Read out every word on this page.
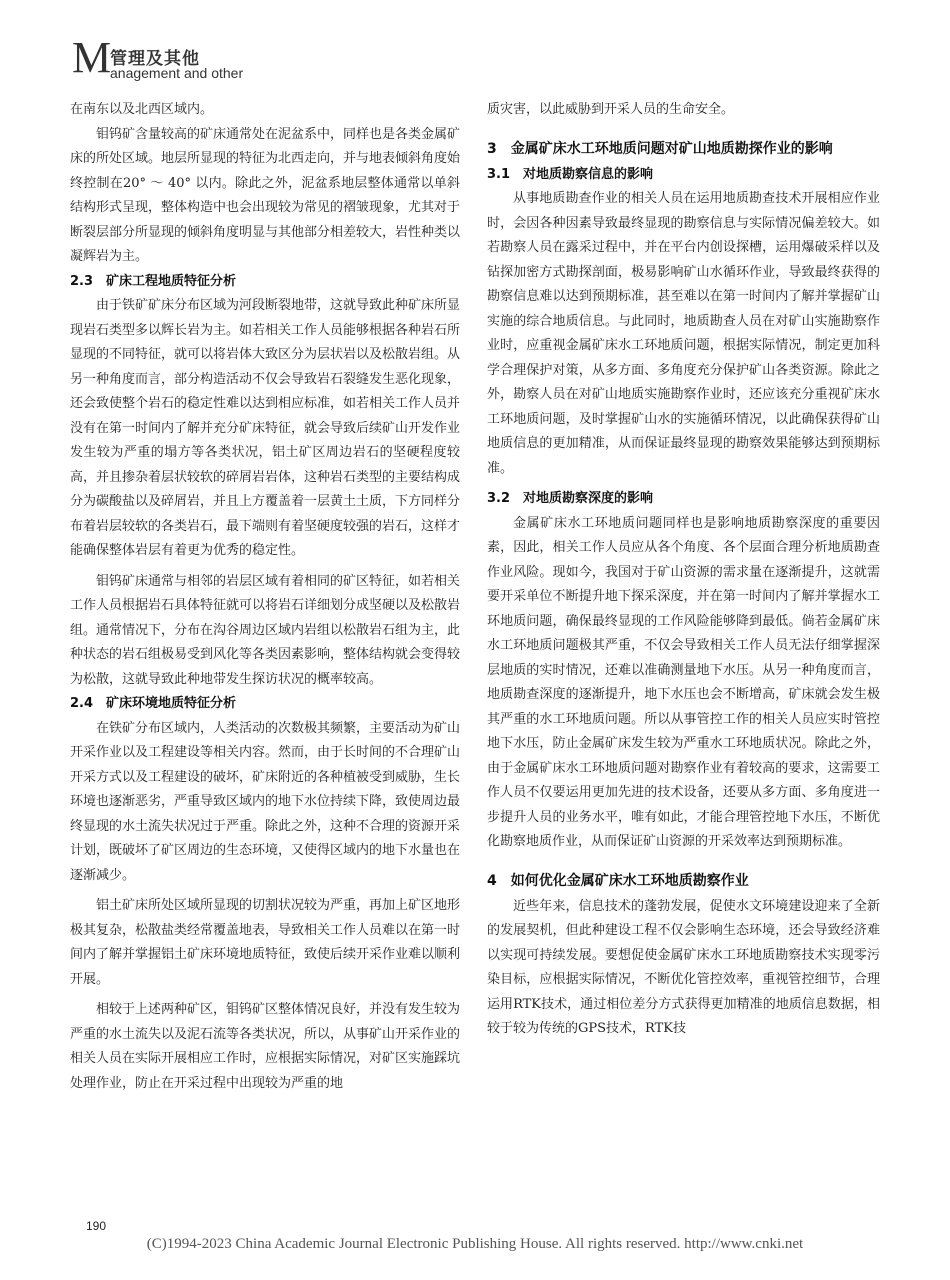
M
管理及其他
anagement and other

在南东以及北西区域内。

钼钨矿含量较高的矿床通常处在泥盆系中，同样也是各类金属矿床的所处区域。地层所显现的特征为北西走向，并与地表倾斜角度始终控制在20° ～ 40° 以内。除此之外，泥盆系地层整体通常以单斜结构形式呈现，整体构造中也会出现较为常见的褶皱现象，尤其对于断裂层部分所显现的倾斜角度明显与其他部分相差较大，岩性种类以凝辉岩为主。

2.3　矿床工程地质特征分析

由于铁矿矿床分布区域为河段断裂地带，这就导致此种矿床所显现岩石类型多以辉长岩为主。如若相关工作人员能够根据各种岩石所显现的不同特征，就可以将岩体大致区分为层状岩以及松散岩组。从另一种角度而言，部分构造活动不仅会导致岩石裂缝发生恶化现象，还会致使整个岩石的稳定性难以达到相应标准，如若相关工作人员并没有在第一时间内了解并充分矿床特征，就会导致后续矿山开发作业发生较为严重的塌方等各类状况，铝土矿区周边岩石的坚硬程度较高，并且掺杂着层状较软的碎屑岩岩体，这种岩石类型的主要结构成分为碳酸盐以及碎屑岩，并且上方覆盖着一层黄土土质，下方同样分布着岩层较软的各类岩石，最下端则有着坚硬度较强的岩石，这样才能确保整体岩层有着更为优秀的稳定性。

钼钨矿床通常与相邻的岩层区域有着相同的矿区特征，如若相关工作人员根据岩石具体特征就可以将岩石详细划分成坚硬以及松散岩组。通常情况下，分布在沟谷周边区域内岩组以松散岩石组为主，此种状态的岩石组极易受到风化等各类因素影响，整体结构就会变得较为松散，这就导致此种地带发生探访状况的概率较高。

2.4　矿床环境地质特征分析

在铁矿分布区域内，人类活动的次数极其频繁，主要活动为矿山开采作业以及工程建设等相关内容。然而，由于长时间的不合理矿山开采方式以及工程建设的破坏，矿床附近的各种植被受到威胁，生长环境也逐渐恶劣，严重导致区域内的地下水位持续下降，致使周边最终显现的水土流失状况过于严重。除此之外，这种不合理的资源开采计划，既破坏了矿区周边的生态环境，又使得区域内的地下水量也在逐渐减少。

铝土矿床所处区域所显现的切割状况较为严重，再加上矿区地形极其复杂，松散盐类经常覆盖地表，导致相关工作人员难以在第一时间内了解并掌握铝土矿床环境地质特征，致使后续开采作业难以顺利开展。

相较于上述两种矿区，钼钨矿区整体情况良好，并没有发生较为严重的水土流失以及泥石流等各类状况，所以，从事矿山开采作业的相关人员在实际开展相应工作时，应根据实际情况，对矿区实施踩坑处理作业，防止在开采过程中出现较为严重的地

质灾害，以此威胁到开采人员的生命安全。

3　金属矿床水工环地质问题对矿山地质勘探作业的影响
3.1　对地质勘察信息的影响

从事地质勘查作业的相关人员在运用地质勘查技术开展相应作业时，会因各种因素导致最终显现的勘察信息与实际情况偏差较大。如若勘察人员在露采过程中，并在平台内创设探槽，运用爆破采样以及钻探加密方式勘探剖面，极易影响矿山水循环作业，导致最终获得的勘察信息难以达到预期标准，甚至难以在第一时间内了解并掌握矿山实施的综合地质信息。与此同时，地质勘查人员在对矿山实施勘察作业时，应重视金属矿床水工环地质问题，根据实际情况，制定更加科学合理保护对策，从多方面、多角度充分保护矿山各类资源。除此之外，勘察人员在对矿山地质实施勘察作业时，还应该充分重视矿床水工环地质问题，及时掌握矿山水的实施循环情况，以此确保获得矿山地质信息的更加精准，从而保证最终显现的勘察效果能够达到预期标准。

3.2　对地质勘察深度的影响

金属矿床水工环地质问题同样也是影响地质勘察深度的重要因素，因此，相关工作人员应从各个角度、各个层面合理分析地质勘查作业风险。现如今，我国对于矿山资源的需求量在逐渐提升，这就需要开采单位不断提升地下探采深度，并在第一时间内了解并掌握水工环地质问题，确保最终显现的工作风险能够降到最低。倘若金属矿床水工环地质问题极其严重，不仅会导致相关工作人员无法仔细掌握深层地质的实时情况，还难以准确测量地下水压。从另一种角度而言，地质勘查深度的逐渐提升，地下水压也会不断增高，矿床就会发生极其严重的水工环地质问题。所以从事管控工作的相关人员应实时管控地下水压，防止金属矿床发生较为严重水工环地质状况。除此之外，由于金属矿床水工环地质问题对勘察作业有着较高的要求，这需要工作人员不仅要运用更加先进的技术设备，还要从多方面、多角度进一步提升人员的业务水平，唯有如此，才能合理管控地下水压，不断优化勘察地质作业，从而保证矿山资源的开采效率达到预期标准。

4　如何优化金属矿床水工环地质勘察作业

近些年来，信息技术的蓬勃发展，促使水文环境建设迎来了全新的发展契机，但此种建设工程不仅会影响生态环境，还会导致经济难以实现可持续发展。要想促使金属矿床水工环地质勘察技术实现零污染目标，应根据实际情况，不断优化管控效率，重视管控细节，合理运用RTK技术，通过相位差分方式获得更加精准的地质信息数据，相较于较为传统的GPS技术，RTK技

190
(C)1994-2023 China Academic Journal Electronic Publishing House. All rights reserved. http://www.cnki.net
